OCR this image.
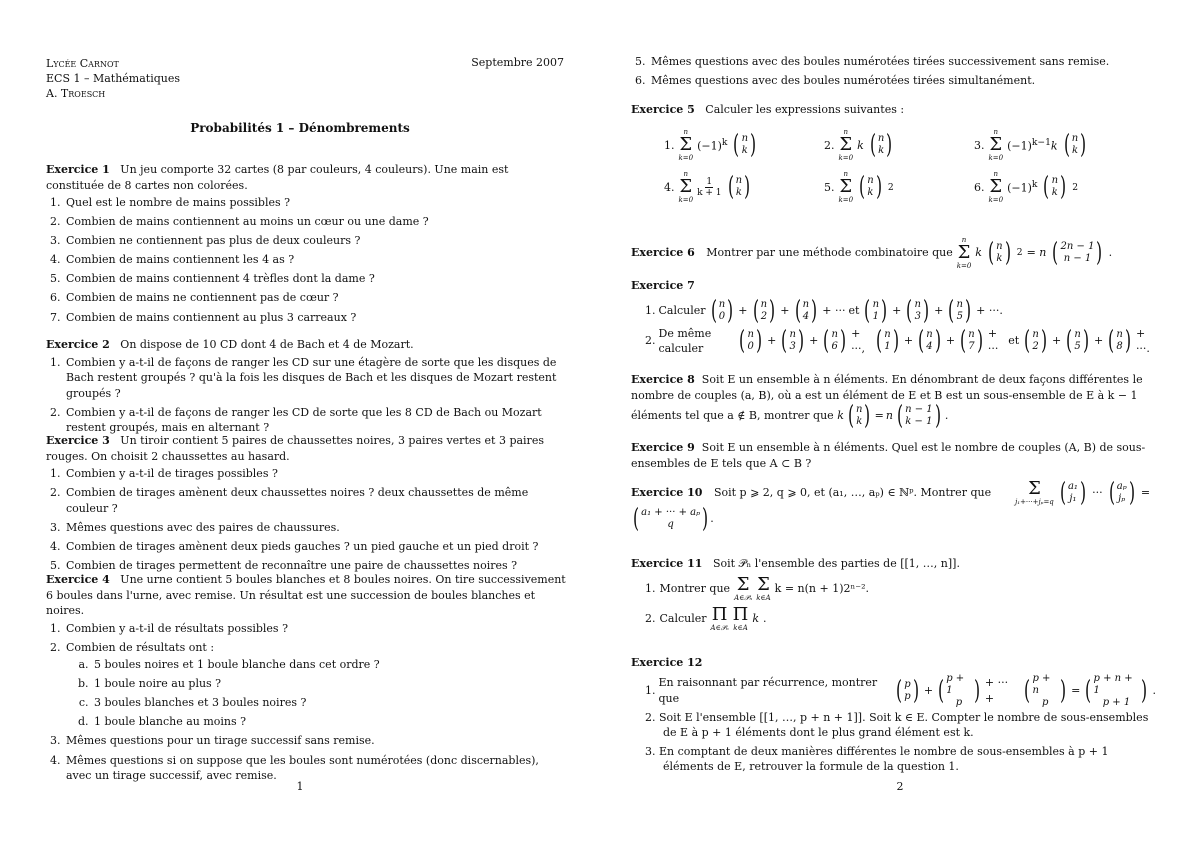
Lycée Carnot
ECS 1 – Mathématiques
A. Troesch
Septembre 2007
Probabilités 1 – Dénombrements
Exercice 1 Un jeu comporte 32 cartes (8 par couleurs, 4 couleurs). Une main est constituée de 8 cartes non colorées.
1. Quel est le nombre de mains possibles ?
2. Combien de mains contiennent au moins un cœur ou une dame ?
3. Combien ne contiennent pas plus de deux couleurs ?
4. Combien de mains contiennent les 4 as ?
5. Combien de mains contiennent 4 trèfles dont la dame ?
6. Combien de mains ne contiennent pas de cœur ?
7. Combien de mains contiennent au plus 3 carreaux ?
Exercice 2 On dispose de 10 CD dont 4 de Bach et 4 de Mozart.
1. Combien y a-t-il de façons de ranger les CD sur une étagère de sorte que les disques de Bach restent groupés ? qu'à la fois les disques de Bach et les disques de Mozart restent groupés ?
2. Combien y a-t-il de façons de ranger les CD de sorte que les 8 CD de Bach ou Mozart restent groupés, mais en alternant ?
Exercice 3 Un tiroir contient 5 paires de chaussettes noires, 3 paires vertes et 3 paires rouges. On choisit 2 chaussettes au hasard.
1. Combien y a-t-il de tirages possibles ?
2. Combien de tirages amènent deux chaussettes noires ? deux chaussettes de même couleur ?
3. Mêmes questions avec des paires de chaussures.
4. Combien de tirages amènent deux pieds gauches ? un pied gauche et un pied droit ?
5. Combien de tirages permettent de reconnaître une paire de chaussettes noires ?
Exercice 4 Une urne contient 5 boules blanches et 8 boules noires. On tire successivement 6 boules dans l'urne, avec remise. Un résultat est une succession de boules blanches et noires.
1. Combien y a-t-il de résultats possibles ?
2. Combien de résultats ont :
a. 5 boules noires et 1 boule blanche dans cet ordre ?
b. 1 boule noire au plus ?
c. 3 boules blanches et 3 boules noires ?
d. 1 boule blanche au moins ?
3. Mêmes questions pour un tirage successif sans remise.
4. Mêmes questions si on suppose que les boules sont numérotées (donc discernables), avec un tirage successif, avec remise.
1
5. Mêmes questions avec des boules numérotées tirées successivement sans remise.
6. Mêmes questions avec des boules numérotées tirées simultanément.
Exercice 5 Calculer les expressions suivantes :
1.
n
Σ
k=0
$(-1)^k$ ( n
k )	2.
n
Σ
k=0
k ( n
k )	3.
n
Σ
k=0
$(-1)^{k-1}k$ ( n
k )
4.
n
Σ
k=0
$\frac{1}{k + 1}$ ( n
k )	5.
n
Σ
k=0 ( n
k ) 2	6.
n
Σ
k=0
$(-1)^k$ ( n
k ) 2
Exercice 6
Montrer par une méthode combinatoire que
n
Σ
k=0
k ( n
k ) 2 = n ( 2n − 1
n − 1 ) .
Exercice 7
1. Calculer ( n
0 ) + ( n
2 ) + ( n
4 ) + ··· et ( n
1 ) + ( n
3 ) + ( n
5 ) + ···.
2.
De même calculer	( n
0 ) + ( n
3 ) + ( n
6 ) + ···, ( n
1 ) + ( n
4 ) + ( n
7 ) + ···
et ( n
2 ) + ( n
5 ) + ( n
8 ) + ···.
Exercice 8 Soit E un ensemble à n éléments. En dénombrant de deux façons différentes le nombre de couples (a, B), où a est un élément de E et B est un sous-ensemble de E à k − 1 éléments tel que a ∉ B, montrer que k ( n
k ) = n ( n − 1
k − 1 ) .
Exercice 9 Soit E un ensemble à n éléments. Quel est le nombre de couples (A, B) de sous-ensembles de E tels que A ⊂ B ?
Exercice 10
Soit p ⩾ 2, q ⩾ 0, et (a₁, …, aₚ) ∈ ℕᵖ. Montrer que Σ
j₁+···+jₚ=q ( a₁
j₁ ) ··· ( aₚ
jₚ ) =
( a₁ + ··· + aₚ
q ) .
Exercice 11 Soit 𝒫ₙ l'ensemble des parties de [[1, …, n]].
1. Montrer que Σ
A∈𝒫ₙ
Σ
k∈A
k = n(n + 1)2ⁿ⁻².
2. Calculer Π
A∈𝒫ₙ
Π
k∈A
k .
Exercice 12
1.
En raisonnant par récurrence, montrer que	( p
p ) + ( p + 1
p ) + ··· + ( p + n
p ) = ( p + n + 1
p + 1 ) .
2. Soit E l'ensemble [[1, …, p + n + 1]]. Soit k ∈ E. Compter le nombre de sous-ensembles de E à p + 1 éléments dont le plus grand élément est k.
3. En comptant de deux manières différentes le nombre de sous-ensembles à p + 1 éléments de E, retrouver la formule de la question 1.
2
